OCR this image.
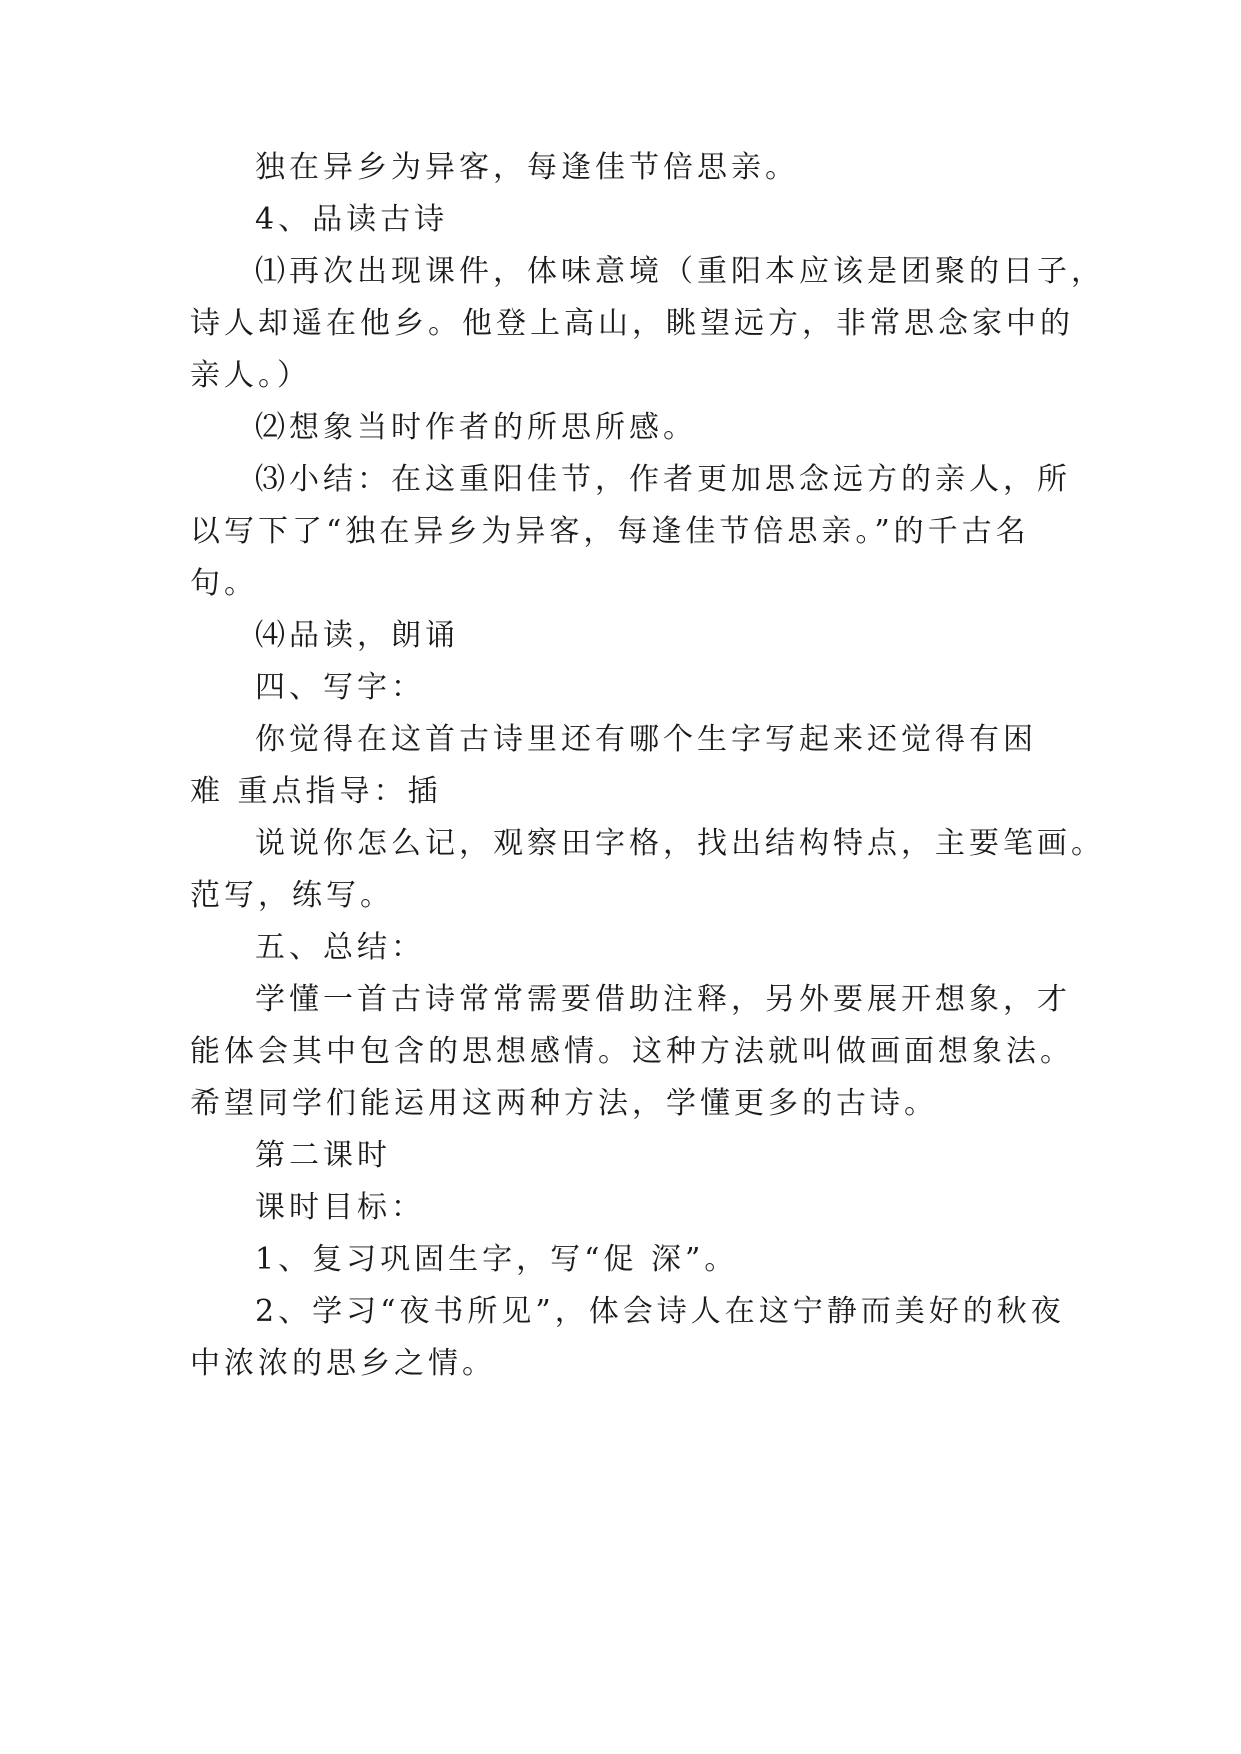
独在异乡为异客，每逢佳节倍思亲。
4、品读古诗
⑴再次出现课件，体味意境（重阳本应该是团聚的日子，
诗人却遥在他乡。他登上高山，眺望远方，非常思念家中的
亲人。）
⑵想象当时作者的所思所感。
⑶小结：在这重阳佳节，作者更加思念远方的亲人，所
以写下了“独在异乡为异客，每逢佳节倍思亲。”的千古名
句。
⑷品读，朗诵
四、写字：
你觉得在这首古诗里还有哪个生字写起来还觉得有困
难 重点指导：插
说说你怎么记，观察田字格，找出结构特点，主要笔画。
范写，练写。
五、总结：
学懂一首古诗常常需要借助注释，另外要展开想象，才
能体会其中包含的思想感情。这种方法就叫做画面想象法。
希望同学们能运用这两种方法，学懂更多的古诗。
第二课时
课时目标：
1、复习巩固生字，写“促 深”。
2、学习“夜书所见”，体会诗人在这宁静而美好的秋夜
中浓浓的思乡之情。
